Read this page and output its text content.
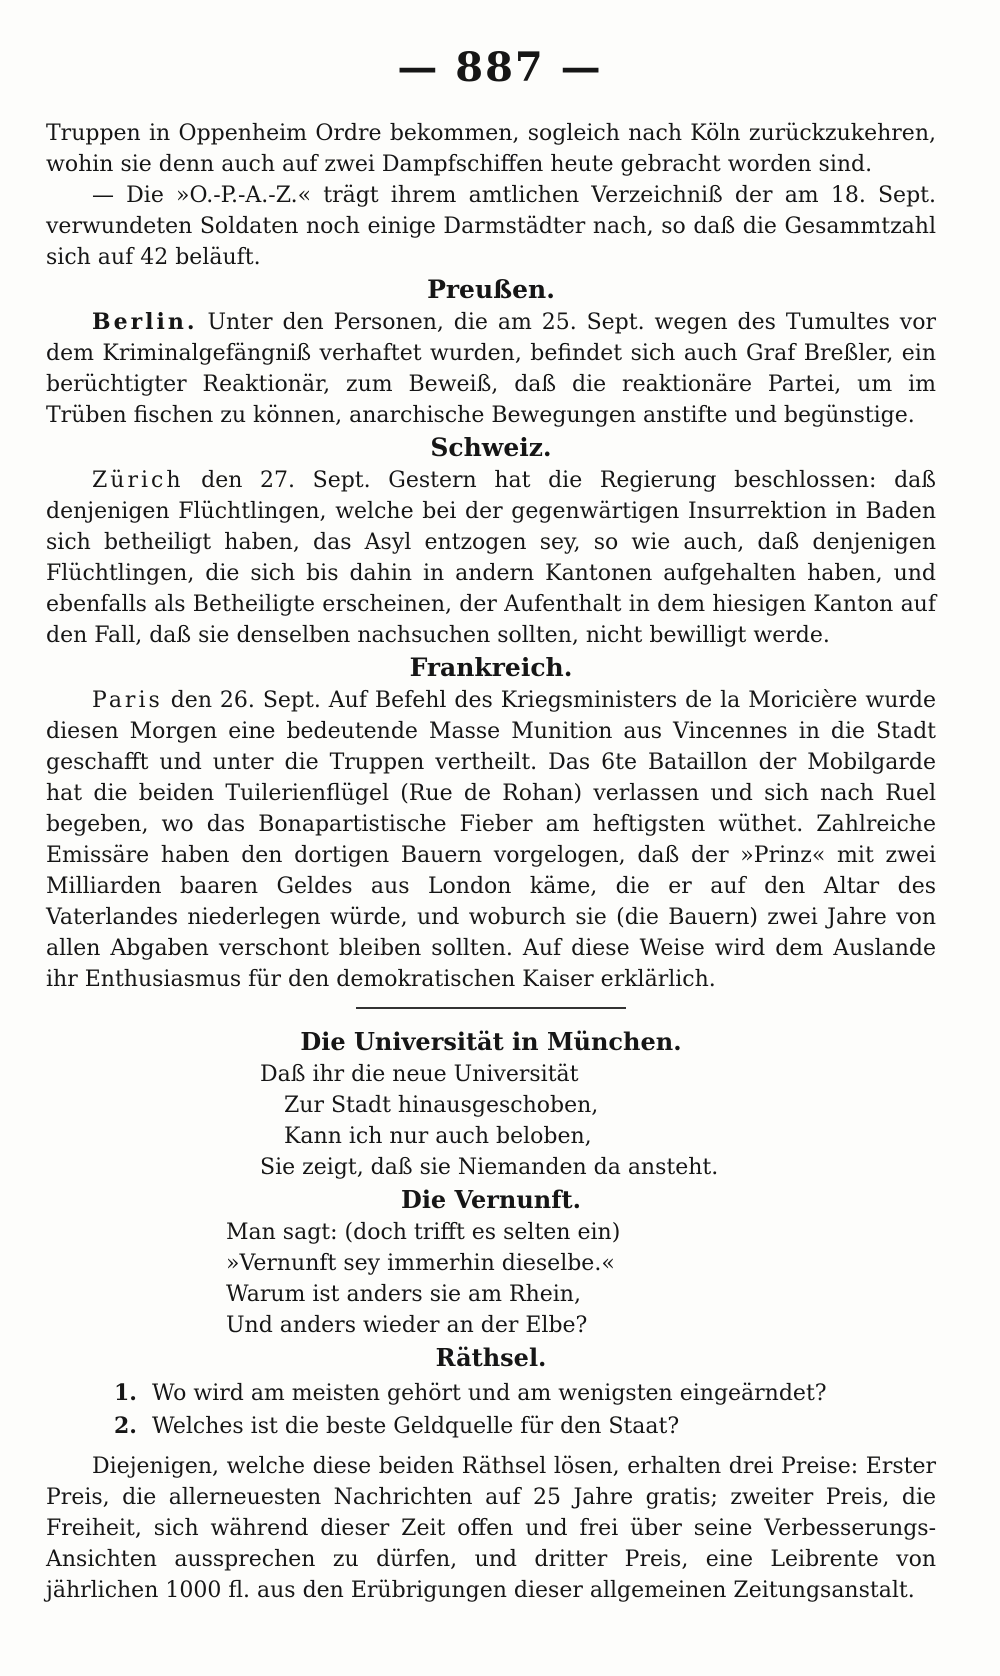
— 887 —

Truppen in Oppenheim Ordre bekommen, sogleich nach Köln zurückzukehren, wohin sie denn auch auf zwei Dampfschiffen heute gebracht worden sind.

— Die »O.-P.-A.-Z.« trägt ihrem amtlichen Verzeichniß der am 18. Sept. verwundeten Soldaten noch einige Darmstädter nach, so daß die Gesammtzahl sich auf 42 beläuft.

Preußen.

Berlin. Unter den Personen, die am 25. Sept. wegen des Tumultes vor dem Kriminalgefängniß verhaftet wurden, befindet sich auch Graf Breßler, ein berüchtigter Reaktionär, zum Beweiß, daß die reaktionäre Partei, um im Trüben fischen zu können, anarchische Bewegungen anstifte und begünstige.

Schweiz.

Zürich den 27. Sept. Gestern hat die Regierung beschlossen: daß denjenigen Flüchtlingen, welche bei der gegenwärtigen Insurrektion in Baden sich betheiligt haben, das Asyl entzogen sey, so wie auch, daß denjenigen Flüchtlingen, die sich bis dahin in andern Kantonen aufgehalten haben, und ebenfalls als Betheiligte erscheinen, der Aufenthalt in dem hiesigen Kanton auf den Fall, daß sie denselben nachsuchen sollten, nicht bewilligt werde.

Frankreich.

Paris den 26. Sept. Auf Befehl des Kriegsministers de la Moricière wurde diesen Morgen eine bedeutende Masse Munition aus Vincennes in die Stadt geschafft und unter die Truppen vertheilt. Das 6te Bataillon der Mobilgarde hat die beiden Tuilerienflügel (Rue de Rohan) verlassen und sich nach Ruel begeben, wo das Bonapartistische Fieber am heftigsten wüthet. Zahlreiche Emissäre haben den dortigen Bauern vorgelogen, daß der »Prinz« mit zwei Milliarden baaren Geldes aus London käme, die er auf den Altar des Vaterlandes niederlegen würde, und woburch sie (die Bauern) zwei Jahre von allen Abgaben verschont bleiben sollten. Auf diese Weise wird dem Auslande ihr Enthusiasmus für den demokratischen Kaiser erklärlich.

Die Universität in München.

Daß ihr die neue Universität

Zur Stadt hinausgeschoben,

Kann ich nur auch beloben,

Sie zeigt, daß sie Niemanden da ansteht.

Die Vernunft.

Man sagt: (doch trifft es selten ein)

»Vernunft sey immerhin dieselbe.«

Warum ist anders sie am Rhein,

Und anders wieder an der Elbe?

Räthsel.

1. Wo wird am meisten gehört und am wenigsten eingeärndet?

2. Welches ist die beste Geldquelle für den Staat?

Diejenigen, welche diese beiden Räthsel lösen, erhalten drei Preise: Erster Preis, die allerneuesten Nachrichten auf 25 Jahre gratis; zweiter Preis, die Freiheit, sich während dieser Zeit offen und frei über seine Verbesserungs-Ansichten aussprechen zu dürfen, und dritter Preis, eine Leibrente von jährlichen 1000 fl. aus den Erübrigungen dieser allgemeinen Zeitungsanstalt.
